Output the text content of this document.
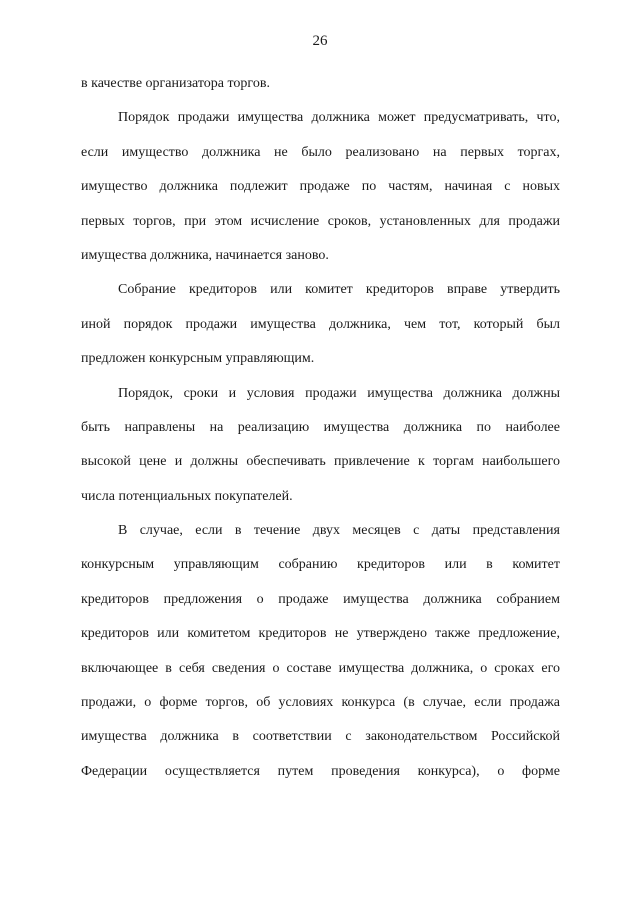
26
в качестве организатора торгов.
Порядок продажи имущества должника может предусматривать, что,
если имущество должника не было реализовано на первых торгах,
имущество должника подлежит продаже по частям, начиная с новых
первых торгов, при этом исчисление сроков, установленных для продажи
имущества должника, начинается заново.
Собрание кредиторов или комитет кредиторов вправе утвердить
иной порядок продажи имущества должника, чем тот, который был
предложен конкурсным управляющим.
Порядок, сроки и условия продажи имущества должника должны
быть направлены на реализацию имущества должника по наиболее
высокой цене и должны обеспечивать привлечение к торгам наибольшего
числа потенциальных покупателей.
В случае, если в течение двух месяцев с даты представления
конкурсным управляющим собранию кредиторов или в комитет
кредиторов предложения о продаже имущества должника собранием
кредиторов или комитетом кредиторов не утверждено также предложение,
включающее в себя сведения о составе имущества должника, о сроках его
продажи, о форме торгов, об условиях конкурса (в случае, если продажа
имущества должника в соответствии с законодательством Российской
Федерации осуществляется путем проведения конкурса), о форме
